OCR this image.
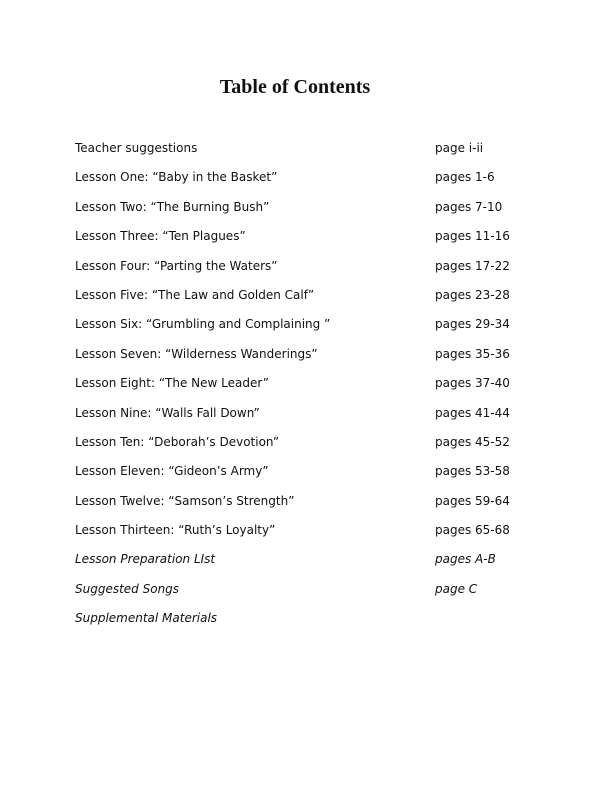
Table of Contents
Teacher suggestions	page i-ii
Lesson One: “Baby in the Basket”	pages 1-6
Lesson Two: “The Burning Bush”	pages 7-10
Lesson Three: “Ten Plagues”	pages 11-16
Lesson Four: “Parting the Waters”	pages 17-22
Lesson Five: “The Law and Golden Calf”	pages 23-28
Lesson Six: “Grumbling and Complaining ”	pages 29-34
Lesson Seven: “Wilderness Wanderings”	pages 35-36
Lesson Eight: “The New Leader”	pages 37-40
Lesson Nine: “Walls Fall Down”	pages 41-44
Lesson Ten: “Deborah’s Devotion”	pages 45-52
Lesson Eleven: “Gideon’s Army”	pages 53-58
Lesson Twelve: “Samson’s Strength”	pages 59-64
Lesson Thirteen: “Ruth’s Loyalty”	pages 65-68
Lesson Preparation LIst	pages A-B
Suggested Songs	page C
Supplemental Materials
